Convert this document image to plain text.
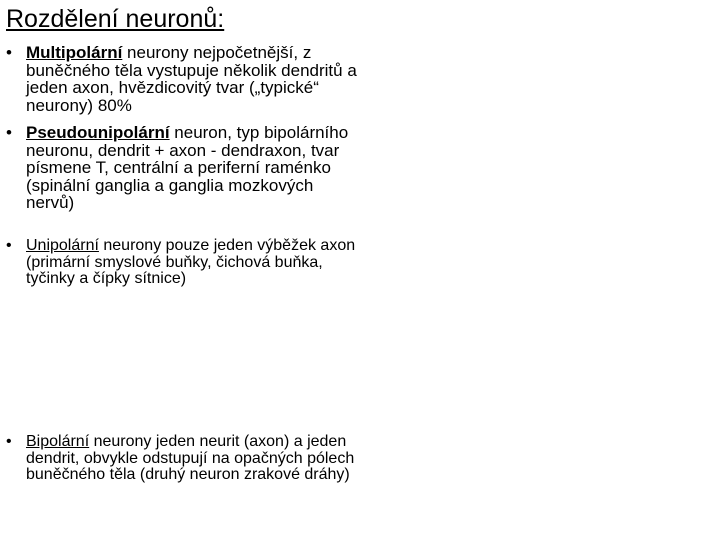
Rozdělení neuronů:
• Multipolární neurony nejpočetnější, z
buněčného těla vystupuje několik dendritů a
jeden axon, hvězdicovitý tvar („typické“
neurony) 80%
• Pseudounipolární neuron, typ bipolárního
neuronu, dendrit + axon - dendraxon, tvar
písmene T, centrální a periferní raménko
(spinální ganglia a ganglia mozkových
nervů)
• Unipolární neurony pouze jeden výběžek axon
(primární smyslové buňky, čichová buňka,
tyčinky a čípky sítnice)
• Bipolární neurony jeden neurit (axon) a jeden
dendrit, obvykle odstupují na opačných pólech
buněčného těla (druhý neuron zrakové dráhy)
